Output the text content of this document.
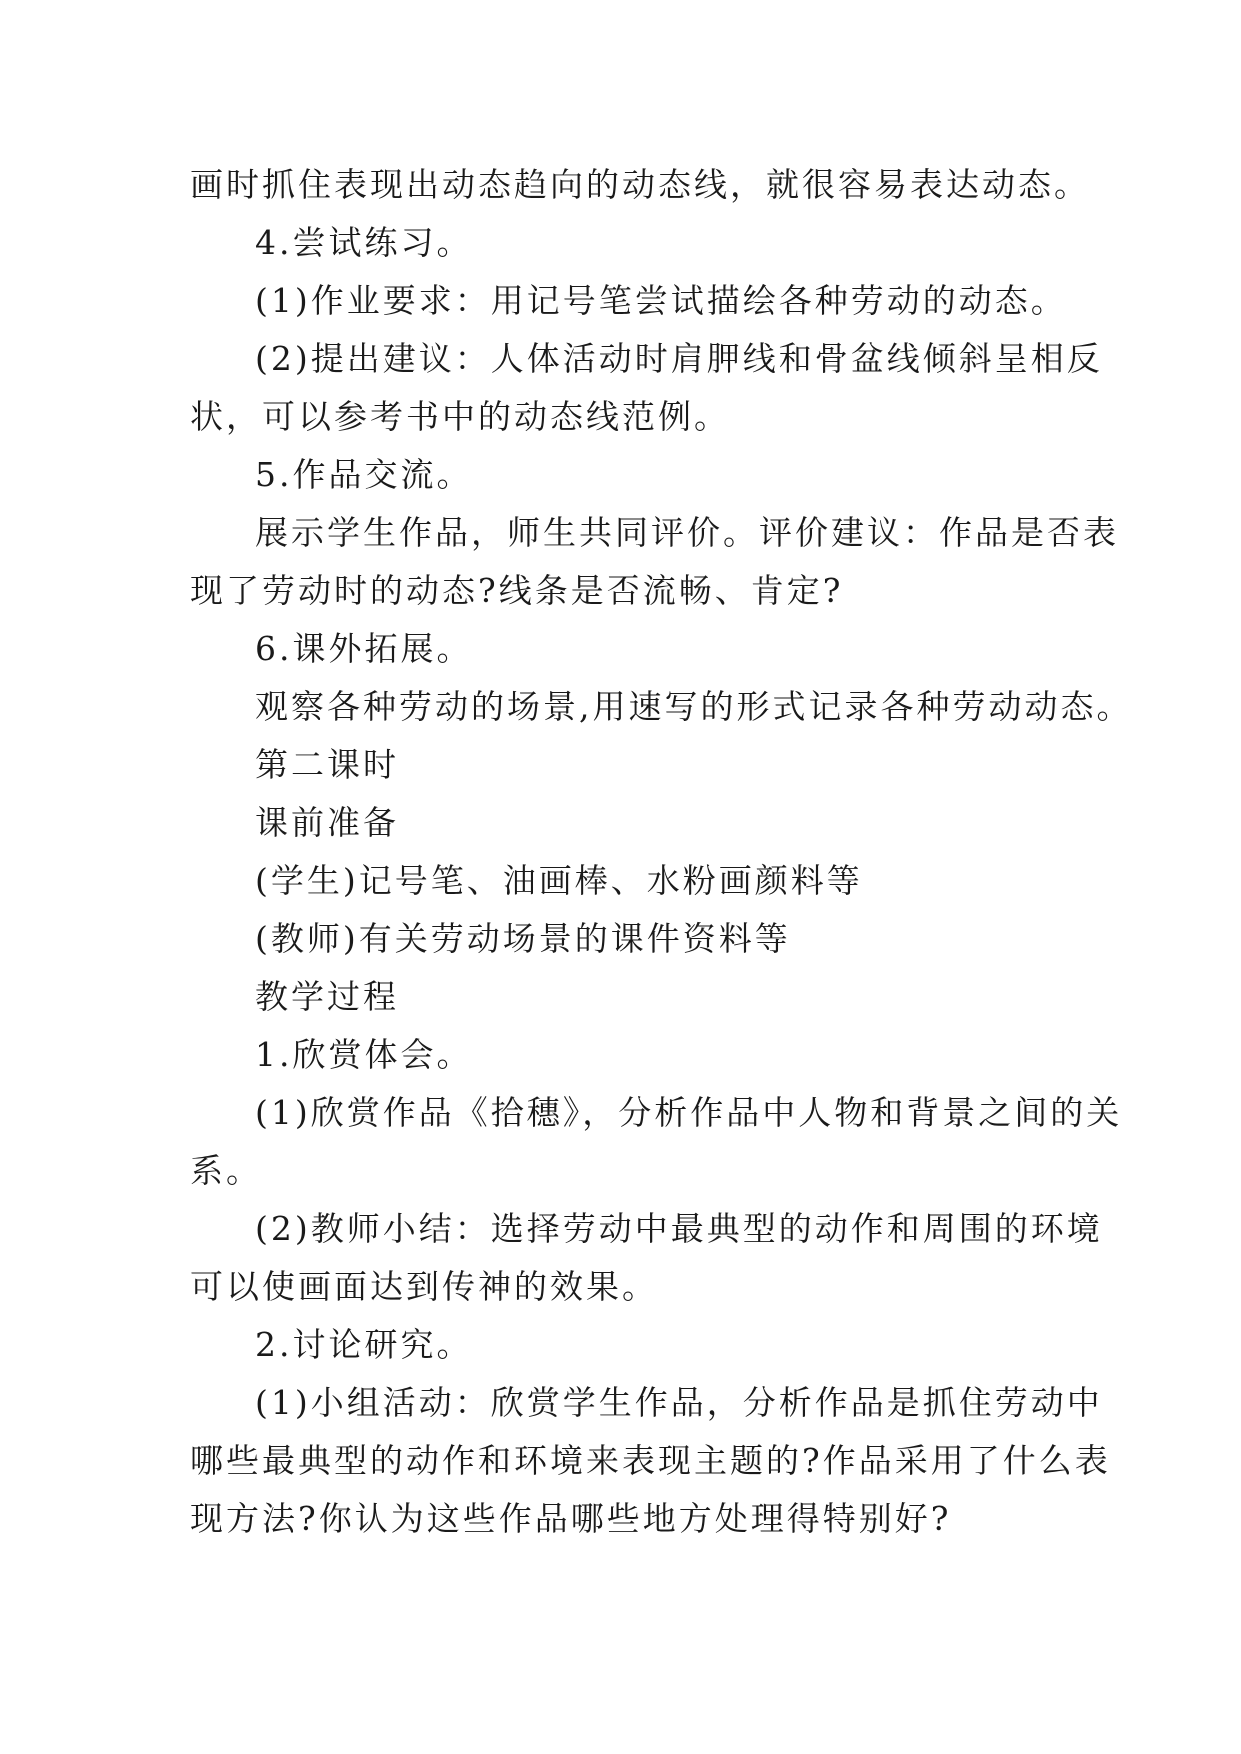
画时抓住表现出动态趋向的动态线，就很容易表达动态。
4.尝试练习。
(1)作业要求：用记号笔尝试描绘各种劳动的动态。
(2)提出建议：人体活动时肩胛线和骨盆线倾斜呈相反
状，可以参考书中的动态线范例。
5.作品交流。
展示学生作品，师生共同评价。评价建议：作品是否表
现了劳动时的动态?线条是否流畅、肯定?
6.课外拓展。
观察各种劳动的场景,用速写的形式记录各种劳动动态。
第二课时
课前准备
(学生)记号笔、油画棒、水粉画颜料等
(教师)有关劳动场景的课件资料等
教学过程
1.欣赏体会。
(1)欣赏作品《拾穗》，分析作品中人物和背景之间的关
系。
(2)教师小结：选择劳动中最典型的动作和周围的环境
可以使画面达到传神的效果。
2.讨论研究。
(1)小组活动：欣赏学生作品，分析作品是抓住劳动中
哪些最典型的动作和环境来表现主题的?作品采用了什么表
现方法?你认为这些作品哪些地方处理得特别好?
